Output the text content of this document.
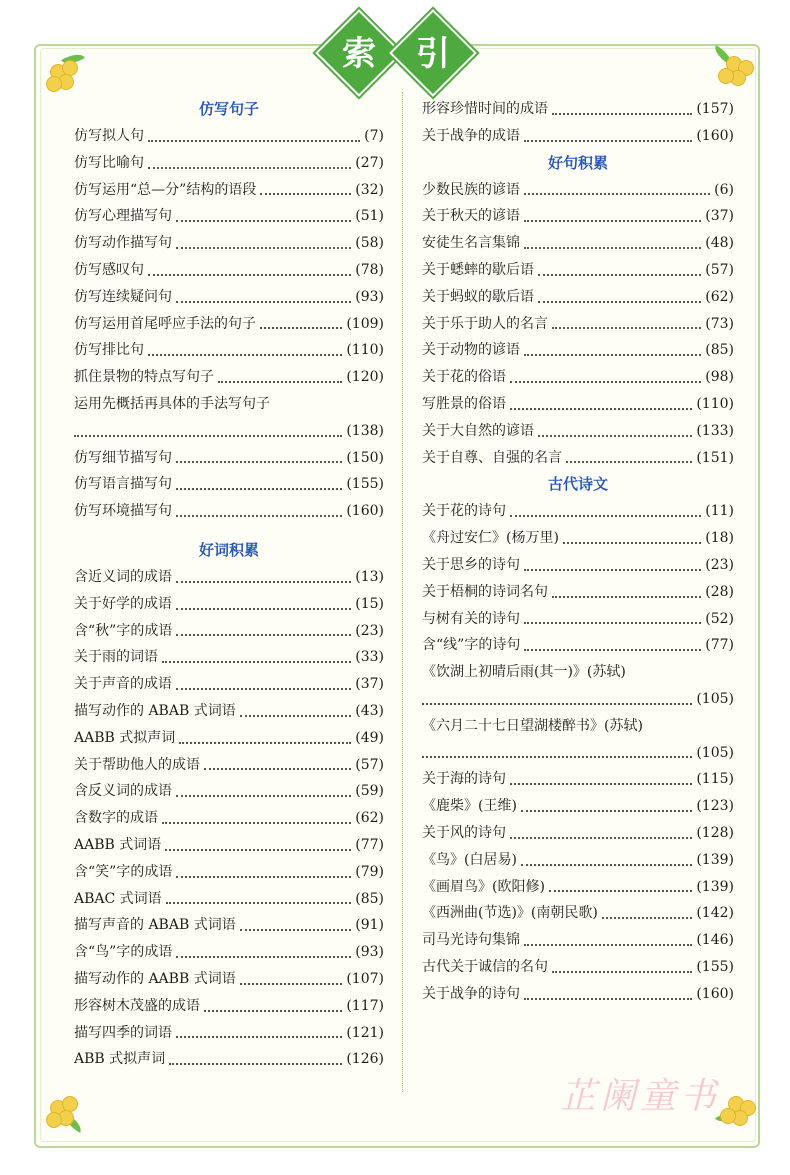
索	引
仿写句子
仿写拟人句	(7)
仿写比喻句	(27)
仿写运用“总—分”结构的语段	(32)
仿写心理描写句	(51)
仿写动作描写句	(58)
仿写感叹句	(78)
仿写连续疑问句	(93)
仿写运用首尾呼应手法的句子	(109)
仿写排比句	(110)
抓住景物的特点写句子	(120)
运用先概括再具体的手法写句子
(138)
仿写细节描写句	(150)
仿写语言描写句	(155)
仿写环境描写句	(160)
好词积累
含近义词的成语	(13)
关于好学的成语	(15)
含“秋”字的成语	(23)
关于雨的词语	(33)
关于声音的成语	(37)
描写动作的 ABAB 式词语	(43)
AABB 式拟声词	(49)
关于帮助他人的成语	(57)
含反义词的成语	(59)
含数字的成语	(62)
AABB 式词语	(77)
含“笑”字的成语	(79)
ABAC 式词语	(85)
描写声音的 ABAB 式词语	(91)
含“鸟”字的成语	(93)
描写动作的 AABB 式词语	(107)
形容树木茂盛的成语	(117)
描写四季的词语	(121)
ABB 式拟声词	(126)
形容珍惜时间的成语	(157)
关于战争的成语	(160)
好句积累
少数民族的谚语	(6)
关于秋天的谚语	(37)
安徒生名言集锦	(48)
关于蟋蟀的歇后语	(57)
关于蚂蚁的歇后语	(62)
关于乐于助人的名言	(73)
关于动物的谚语	(85)
关于花的俗语	(98)
写胜景的俗语	(110)
关于大自然的谚语	(133)
关于自尊、自强的名言	(151)
古代诗文
关于花的诗句	(11)
《舟过安仁》(杨万里)	(18)
关于思乡的诗句	(23)
关于梧桐的诗词名句	(28)
与树有关的诗句	(52)
含“线”字的诗句	(77)
《饮湖上初晴后雨(其一)》(苏轼)
(105)
《六月二十七日望湖楼醉书》(苏轼)
(105)
关于海的诗句	(115)
《鹿柴》(王维)	(123)
关于风的诗句	(128)
《鸟》(白居易)	(139)
《画眉鸟》(欧阳修)	(139)
《西洲曲(节选)》(南朝民歌)	(142)
司马光诗句集锦	(146)
古代关于诚信的名句	(155)
关于战争的诗句	(160)
芷阑童书
